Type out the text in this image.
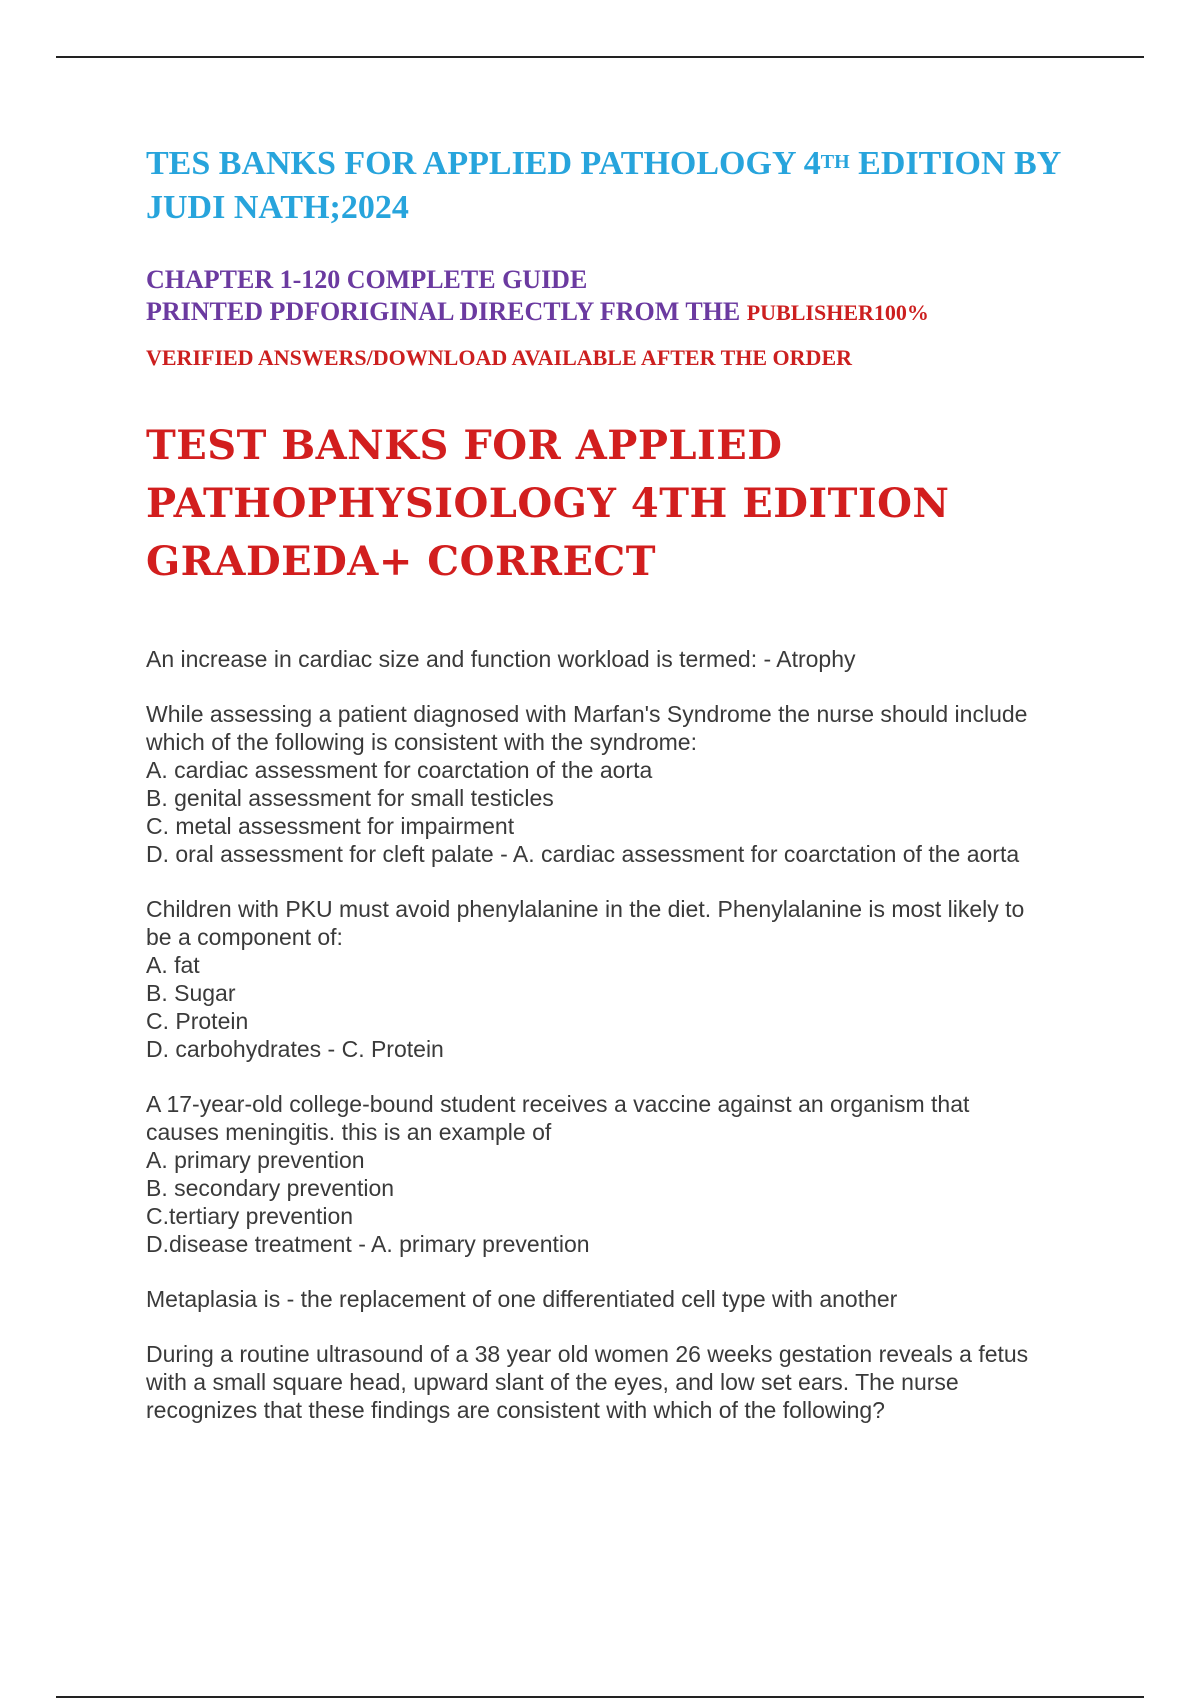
TES BANKS FOR APPLIED PATHOLOGY 4TH EDITION BY JUDI NATH;2024
CHAPTER 1-120 COMPLETE GUIDE
PRINTED PDFORIGINAL DIRECTLY FROM THE PUBLISHER100%
VERIFIED ANSWERS/DOWNLOAD AVAILABLE AFTER THE ORDER
TEST BANKS FOR APPLIED PATHOPHYSIOLOGY 4TH EDITION GRADEDA+ CORRECT
An increase in cardiac size and function workload is termed: - Atrophy
While assessing a patient diagnosed with Marfan's Syndrome the nurse should include
which of the following is consistent with the syndrome:
A. cardiac assessment for coarctation of the aorta
B. genital assessment for small testicles
C. metal assessment for impairment
D. oral assessment for cleft palate - A. cardiac assessment for coarctation of the aorta
Children with PKU must avoid phenylalanine in the diet. Phenylalanine is most likely to
be a component of:
A. fat
B. Sugar
C. Protein
D. carbohydrates - C. Protein
A 17-year-old college-bound student receives a vaccine against an organism that
causes meningitis. this is an example of
A. primary prevention
B. secondary prevention
C.tertiary prevention
D.disease treatment - A. primary prevention
Metaplasia is - the replacement of one differentiated cell type with another
During a routine ultrasound of a 38 year old women 26 weeks gestation reveals a fetus
with a small square head, upward slant of the eyes, and low set ears. The nurse
recognizes that these findings are consistent with which of the following?
